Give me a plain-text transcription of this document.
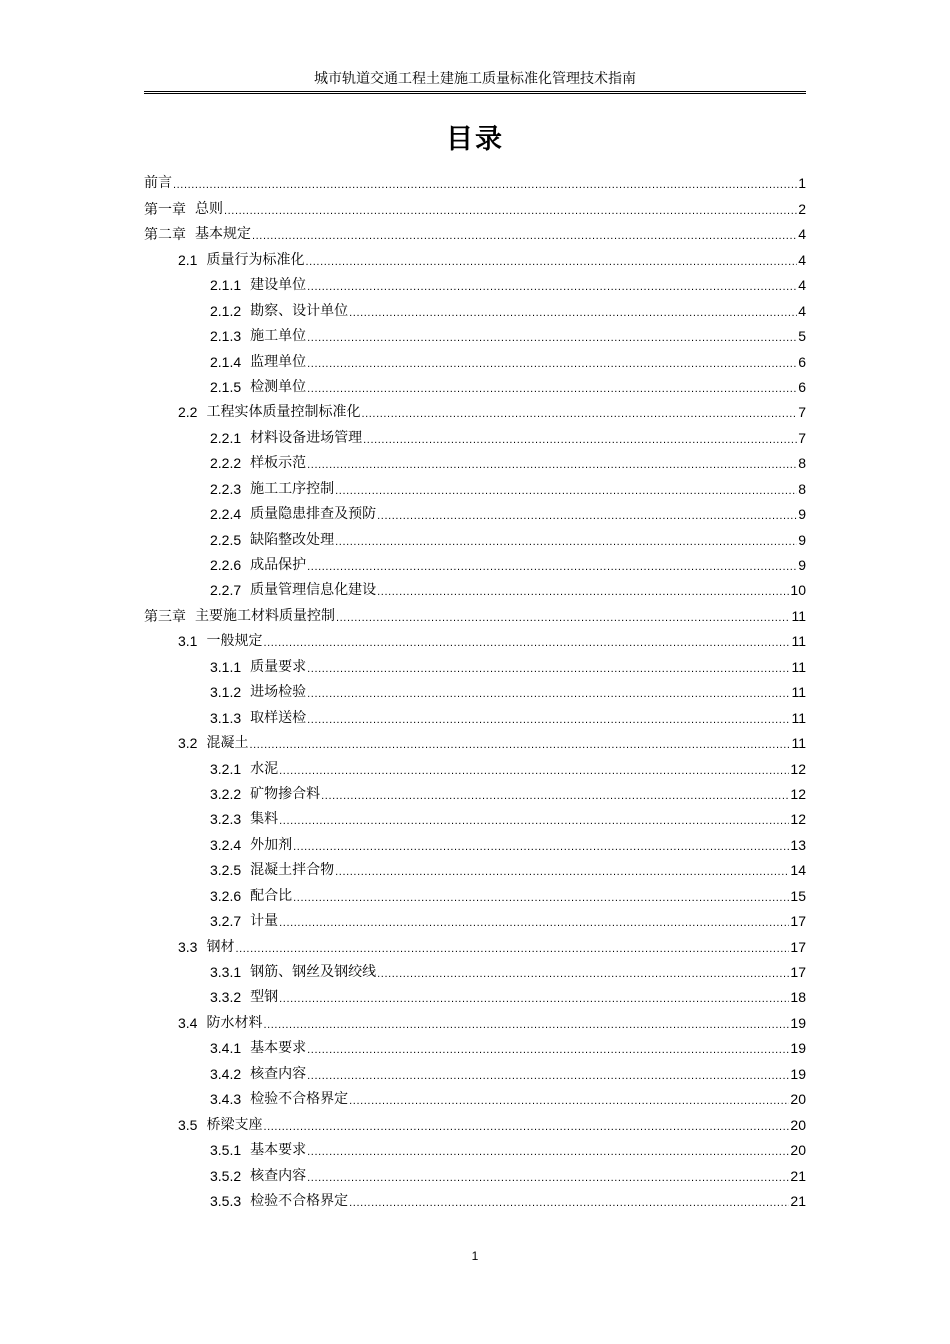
城市轨道交通工程土建施工质量标准化管理技术指南
目录
前言 .....	1
第一章 总则 .....	2
第二章 基本规定 .....	4
2.1 质量行为标准化 .....	4
2.1.1 建设单位 .....	4
2.1.2 勘察、设计单位 .....	4
2.1.3 施工单位 .....	5
2.1.4 监理单位 .....	6
2.1.5 检测单位 .....	6
2.2 工程实体质量控制标准化 .....	7
2.2.1 材料设备进场管理 .....	7
2.2.2 样板示范 .....	8
2.2.3 施工工序控制 .....	8
2.2.4 质量隐患排查及预防 .....	9
2.2.5 缺陷整改处理 .....	9
2.2.6 成品保护 .....	9
2.2.7 质量管理信息化建设 .....	10
第三章 主要施工材料质量控制 .....	11
3.1 一般规定 .....	11
3.1.1 质量要求 .....	11
3.1.2 进场检验 .....	11
3.1.3 取样送检 .....	11
3.2 混凝土 .....	11
3.2.1 水泥 .....	12
3.2.2 矿物掺合料 .....	12
3.2.3 集料 .....	12
3.2.4 外加剂 .....	13
3.2.5 混凝土拌合物 .....	14
3.2.6 配合比 .....	15
3.2.7 计量 .....	17
3.3 钢材 .....	17
3.3.1 钢筋、钢丝及钢绞线 .....	17
3.3.2 型钢 .....	18
3.4 防水材料 .....	19
3.4.1 基本要求 .....	19
3.4.2 核查内容 .....	19
3.4.3 检验不合格界定 .....	20
3.5 桥梁支座 .....	20
3.5.1 基本要求 .....	20
3.5.2 核查内容 .....	21
3.5.3 检验不合格界定 .....	21
1
